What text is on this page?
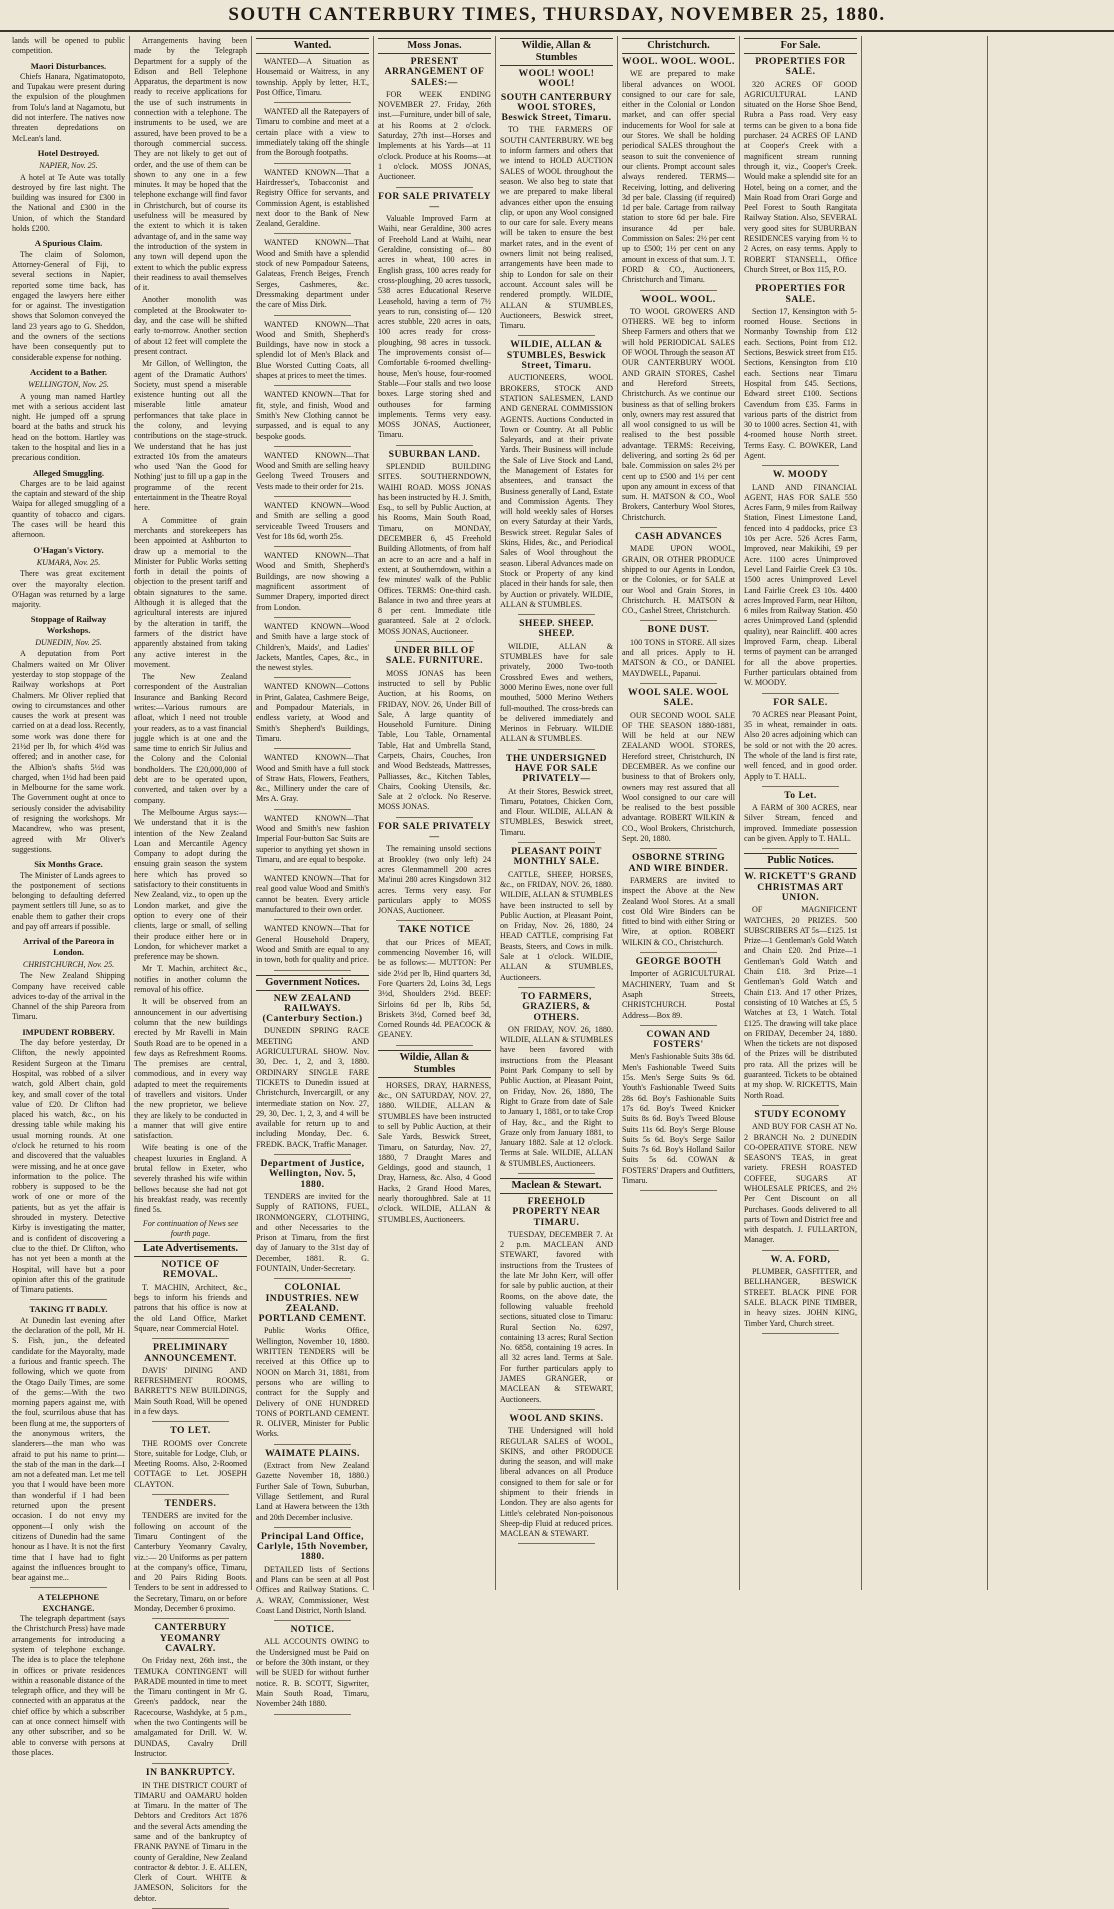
SOUTH CANTERBURY TIMES, THURSDAY, NOVEMBER 25, 1880.

lands will be opened to public competition.

Maori Disturbances.

Chiefs Hanara, Ngatimatopoto, and Tupakau were present during the expulsion of the ploughmen from Tolu's land at Nagamotu, but did not interfere. The natives now threaten depredations on McLean's land.

Hotel Destroyed.
NAPIER, Nov. 25.

A hotel at Te Aute was totally destroyed by fire last night. The building was insured for £300 in the National and £300 in the Union, of which the Standard holds £200.

A Spurious Claim.

The claim of Solomon, Attorney-General of Fiji, to several sections in Napier, reported some time back, has engaged the lawyers here either for or against. The investigation shows that Solomon conveyed the land 23 years ago to G. Sheddon, and the owners of the sections have been consequently put to considerable expense for nothing.

Accident to a Bather.
WELLINGTON, Nov. 25.

A young man named Hartley met with a serious accident last night. He jumped off a sprung board at the baths and struck his head on the bottom. Hartley was taken to the hospital and lies in a precarious condition.

Alleged Smuggling.

Charges are to be laid against the captain and steward of the ship Waipa for alleged smuggling of a quantity of tobacco and cigars. The cases will be heard this afternoon.

O'Hagan's Victory.
KUMARA, Nov. 25.

There was great excitement over the mayoralty election. O'Hagan was returned by a large majority.

Stoppage of Railway Workshops.
DUNEDIN, Nov. 25.

A deputation from Port Chalmers waited on Mr Oliver yesterday to stop stoppage of the Railway workshops at Port Chalmers. Mr Oliver replied that owing to circumstances and other causes the work at present was carried on at a dead loss. Recently, some work was done there for 21½d per lb, for which 4½d was offered; and in another case, for the Albion's shafts 5½d was charged, when 1½d had been paid in Melbourne for the same work. The Government ought at once to seriously consider the advisability of resigning the workshops. Mr Macandrew, who was present, agreed with Mr Oliver's suggestions.

Six Months Grace.

The Minister of Lands agrees to the postponement of sections belonging to defaulting deferred payment settlers till June, so as to enable them to gather their crops and pay off arrears if possible.

Arrival of the Pareora in London.
CHRISTCHURCH, Nov. 25.

The New Zealand Shipping Company have received cable advices to-day of the arrival in the Channel of the ship Pareora from Timaru.

IMPUDENT ROBBERY.

The day before yesterday, Dr Clifton, the newly appointed Resident Surgeon at the Timaru Hospital, was robbed of a silver watch, gold Albert chain, gold key, and small cover of the total value of £20. Dr Clifton had placed his watch, &c., on his dressing table while making his usual morning rounds. At one o'clock he returned to his room and discovered that the valuables were missing, and he at once gave information to the police. The robbery is supposed to be the work of one or more of the patients, but as yet the affair is shrouded in mystery. Detective Kirby is investigating the matter, and is confident of discovering a clue to the thief. Dr Clifton, who has not yet been a month at the Hospital, will have but a poor opinion after this of the gratitude of Timaru patients.

TAKING IT BADLY.

At Dunedin last evening after the declaration of the poll, Mr H. S. Fish, jun., the defeated candidate for the Mayoralty, made a furious and frantic speech. The following, which we quote from the Otago Daily Times, are some of the gems:—With the two morning papers against me, with the foul, scurrilous abuse that has been flung at me, the supporters of the anonymous writers, the slanderers—the man who was afraid to put his name to print—the stab of the man in the dark—I am not a defeated man. Let me tell you that I would have been more than wonderful if I had been returned upon the present occasion. I do not envy my opponent—I only wish the citizens of Dunedin had the same honour as I have. It is not the first time that I have had to fight against the influences brought to bear against me...

A TELEPHONE EXCHANGE.

The telegraph department (says the Christchurch Press) have made arrangements for introducing a system of telephone exchange. The idea is to place the telephone in offices or private residences within a reasonable distance of the telegraph office, and they will be connected with an apparatus at the chief office by which a subscriber can at once connect himself with any other subscriber, and so be able to converse with persons at those places.

Arrangements having been made by the Telegraph Department for a supply of the Edison and Bell Telephone Apparatus, the department is now ready to receive applications for the use of such instruments in connection with a telephone. The instruments to be used, we are assured, have been proved to be a thorough commercial success. They are not likely to get out of order, and the use of them can be shown to any one in a few minutes. It may be hoped that the telephone exchange will find favor in Christchurch, but of course its usefulness will be measured by the extent to which it is taken advantage of, and in the same way the introduction of the system in any town will depend upon the extent to which the public express their readiness to avail themselves of it.

Another monolith was completed at the Brookwater to-day, and the case will be shifted early to-morrow. Another section of about 12 feet will complete the present contract.

Mr Gillon, of Wellington, the agent of the Dramatic Authors' Society, must spend a miserable existence hunting out all the miserable little amateur performances that take place in the colony, and levying contributions on the stage-struck. We understand that he has just extracted 10s from the amateurs who used 'Nan the Good for Nothing' just to fill up a gap in the programme of the recent entertainment in the Theatre Royal here.

A Committee of grain merchants and storekeepers has been appointed at Ashburton to draw up a memorial to the Minister for Public Works setting forth in detail the points of objection to the present tariff and obtain signatures to the same. Although it is alleged that the agricultural interests are injured by the alteration in tariff, the farmers of the district have apparently abstained from taking any active interest in the movement.

The New Zealand correspondent of the Australian Insurance and Banking Record writes:—Various rumours are afloat, which I need not trouble your readers, as to a vast financial juggle which is at one and the same time to enrich Sir Julius and the Colony and the Colonial bondholders. The £20,000,000 of debt are to be operated upon, converted, and taken over by a company.

The Melbourne Argus says:—We understand that it is the intention of the New Zealand Loan and Mercantile Agency Company to adopt during the ensuing grain season the system here which has proved so satisfactory to their constituents in New Zealand, viz., to open up the London market, and give the option to every one of their clients, large or small, of selling their produce either here or in London, for whichever market a preference may be shown.

Mr T. Machin, architect &c., notifies in another column the removal of his office.

It will be observed from an announcement in our advertising column that the new buildings erected by Mr Ravelli in Main South Road are to be opened in a few days as Refreshment Rooms. The premises are central, commodious, and in every way adapted to meet the requirements of travellers and visitors. Under the new proprietor, we believe they are likely to be conducted in a manner that will give entire satisfaction.

Wife beating is one of the cheapest luxuries in England. A brutal fellow in Exeter, who severely thrashed his wife within bellows because she had not got his breakfast ready, was recently fined 5s.

For continuation of News see fourth page.
Late Advertisements.
NOTICE OF REMOVAL.

T. MACHIN, Architect, &c., begs to inform his friends and patrons that his office is now at the old Land Office, Market Square, near Commercial Hotel.

PRELIMINARY ANNOUNCEMENT.

DAVIS' DINING AND REFRESHMENT ROOMS, BARRETT'S NEW BUILDINGS, Main South Road, Will be opened in a few days.

TO LET.

THE ROOMS over Concrete Store, suitable for Lodge, Club, or Meeting Rooms. Also, 2-Roomed COTTAGE to Let. JOSEPH CLAYTON.

TENDERS.

TENDERS are invited for the following on account of the Timaru Contingent of the Canterbury Yeomanry Cavalry, viz.:— 20 Uniforms as per pattern at the company's office, Timaru, and 20 Pairs Riding Boots. Tenders to be sent in addressed to the Secretary, Timaru, on or before Monday, December 6 proximo.

CANTERBURY YEOMANRY CAVALRY.

On Friday next, 26th inst., the TEMUKA CONTINGENT will PARADE mounted in time to meet the Timaru contingent in Mr G. Green's paddock, near the Racecourse, Washdyke, at 5 p.m., when the two Contingents will be amalgamated for Drill. W. W. DUNDAS, Cavalry Drill Instructor.

IN BANKRUPTCY.

IN THE DISTRICT COURT of TIMARU and OAMARU holden at Timaru. In the matter of The Debtors and Creditors Act 1876 and the several Acts amending the same and of the bankruptcy of FRANK PAYNE of Timaru in the county of Geraldine, New Zealand contractor & debtor. J. E. ALLEN, Clerk of Court. WHITE & JAMESON, Solicitors for the debtor.

Wanted.

WANTED—A Situation as Housemaid or Waitress, in any township. Apply by letter, H.T., Post Office, Timaru.

WANTED all the Ratepayers of Timaru to combine and meet at a certain place with a view to immediately taking off the shingle from the Borough footpaths.

WANTED KNOWN—That a Hairdresser's, Tobacconist and Registry Office for servants, and Commission Agent, is established next door to the Bank of New Zealand, Geraldine.

WANTED KNOWN—That Wood and Smith have a splendid stock of new Pompadour Sateens, Galateas, French Beiges, French Serges, Cashmeres, &c. Dressmaking department under the care of Miss Dirk.

WANTED KNOWN—That Wood and Smith, Shepherd's Buildings, have now in stock a splendid lot of Men's Black and Blue Worsted Cutting Coats, all shapes at prices to meet the times.

WANTED KNOWN—That for fit, style, and finish, Wood and Smith's New Clothing cannot be surpassed, and is equal to any bespoke goods.

WANTED KNOWN—That Wood and Smith are selling heavy Geelong Tweed Trousers and Vests made to their order for 21s.

WANTED KNOWN—Wood and Smith are selling a good serviceable Tweed Trousers and Vest for 18s 6d, worth 25s.

WANTED KNOWN—That Wood and Smith, Shepherd's Buildings, are now showing a magnificent assortment of Summer Drapery, imported direct from London.

WANTED KNOWN—Wood and Smith have a large stock of Children's, Maids', and Ladies' Jackets, Mantles, Capes, &c., in the newest styles.

WANTED KNOWN—Cottons in Print, Galatea, Cashmere Beige, and Pompadour Materials, in endless variety, at Wood and Smith's Shepherd's Buildings, Timaru.

WANTED KNOWN—That Wood and Smith have a full stock of Straw Hats, Flowers, Feathers, &c., Millinery under the care of Mrs A. Gray.

WANTED KNOWN—That Wood and Smith's new fashion Imperial Four-button Sac Suits are superior to anything yet shown in Timaru, and are equal to bespoke.

WANTED KNOWN—That for real good value Wood and Smith's cannot be beaten. Every article manufactured to their own order.

WANTED KNOWN—That for General Household Drapery, Wood and Smith are equal to any in town, both for quality and price.

Government Notices.
NEW ZEALAND RAILWAYS. (Canterbury Section.)

DUNEDIN SPRING RACE MEETING AND AGRICULTURAL SHOW. Nov. 30, Dec. 1, 2, and 3, 1880. ORDINARY SINGLE FARE TICKETS to Dunedin issued at Christchurch, Invercargill, or any intermediate station on Nov. 27, 29, 30, Dec. 1, 2, 3, and 4 will be available for return up to and including Monday, Dec. 6. FREDK. BACK, Traffic Manager.

Department of Justice, Wellington, Nov. 5, 1880.

TENDERS are invited for the Supply of RATIONS, FUEL, IRONMONGERY, CLOTHING, and other Necessaries to the Prison at Timaru, from the first day of January to the 31st day of December, 1881. R. G. FOUNTAIN, Under-Secretary.

COLONIAL INDUSTRIES. NEW ZEALAND. PORTLAND CEMENT.

Public Works Office, Wellington, November 10, 1880. WRITTEN TENDERS will be received at this Office up to NOON on March 31, 1881, from persons who are willing to contract for the Supply and Delivery of ONE HUNDRED TONS of PORTLAND CEMENT. R. OLIVER, Minister for Public Works.

WAIMATE PLAINS.

(Extract from New Zealand Gazette November 18, 1880.) Further Sale of Town, Suburban, Village Settlement, and Rural Land at Hawera between the 13th and 20th December inclusive.

Principal Land Office, Carlyle, 15th November, 1880.

DETAILED lists of Sections and Plans can be seen at all Post Offices and Railway Stations. C. A. WRAY, Commissioner, West Coast Land District, North Island.

NOTICE.

ALL ACCOUNTS OWING to the Undersigned must be Paid on or before the 30th instant, or they will be SUED for without further notice. R. B. SCOTT, Sigwriter, Main South Road, Timaru, November 24th 1880.

Moss Jonas.
PRESENT ARRANGEMENT OF SALES:—

FOR WEEK ENDING NOVEMBER 27. Friday, 26th inst.—Furniture, under bill of sale, at his Rooms at 2 o'clock. Saturday, 27th inst—Horses and Implements at his Yards—at 11 o'clock. Produce at his Rooms—at 1 o'clock. MOSS JONAS, Auctioneer.

FOR SALE PRIVATELY—

Valuable Improved Farm at Waihi, near Geraldine, 300 acres of Freehold Land at Waihi, near Geraldine, consisting of— 80 acres in wheat, 100 acres in English grass, 100 acres ready for cross-ploughing, 20 acres tussock, 538 acres Educational Reserve Leasehold, having a term of 7½ years to run, consisting of— 120 acres stubble, 220 acres in oats, 100 acres ready for cross-ploughing, 98 acres in tussock. The improvements consist of—Comfortable 6-roomed dwelling-house, Men's house, four-roomed Stable—Four stalls and two loose boxes. Large storing shed and outhouses for farming implements. Terms very easy. MOSS JONAS, Auctioneer, Timaru.

SUBURBAN LAND.

SPLENDID BUILDING SITES. SOUTHERNDOWN, WAIHI ROAD. MOSS JONAS has been instructed by H. J. Smith, Esq., to sell by Public Auction, at his Rooms, Main South Road, Timaru, on MONDAY, DECEMBER 6, 45 Freehold Building Allotments, of from half an acre to an acre and a half in extent, at Southerndown, within a few minutes' walk of the Public Offices. TERMS: One-third cash. Balance in two and three years at 8 per cent. Immediate title guaranteed. Sale at 2 o'clock. MOSS JONAS, Auctioneer.

UNDER BILL OF SALE. FURNITURE.

MOSS JONAS has been instructed to sell by Public Auction, at his Rooms, on FRIDAY, NOV. 26, Under Bill of Sale, A large quantity of Household Furniture. Dining Table, Lou Table, Ornamental Table, Hat and Umbrella Stand, Carpets, Chairs, Couches, Iron and Wood Bedsteads, Mattresses, Palliasses, &c., Kitchen Tables, Chairs, Cooking Utensils, &c. Sale at 2 o'clock. No Reserve. MOSS JONAS.

FOR SALE PRIVATELY—

The remaining unsold sections at Brookley (two only left) 24 acres Glenmammell 200 acres Ma'inui 280 acres Kingsdown 312 acres. Terms very easy. For particulars apply to MOSS JONAS, Auctioneer.

TAKE NOTICE

that our Prices of MEAT, commencing November 16, will be as follows:— MUTTON: Per side 2½d per lb, Hind quarters 3d, Fore Quarters 2d, Loins 3d, Legs 3½d, Shoulders 2½d. BEEF: Sirloins 6d per lb, Ribs 5d, Briskets 3½d, Corned beef 3d, Corned Rounds 4d. PEACOCK & GEANEY.

Wildie, Allan & Stumbles

HORSES, DRAY, HARNESS, &c., ON SATURDAY, NOV. 27, 1880. WILDIE, ALLAN & STUMBLES have been instructed to sell by Public Auction, at their Sale Yards, Beswick Street, Timaru, on Saturday, Nov. 27, 1880, 7 Draught Mares and Geldings, good and staunch, 1 Dray, Harness, &c. Also, 4 Good Hacks, 2 Grand Hood Mares, nearly thoroughbred. Sale at 11 o'clock. WILDIE, ALLAN & STUMBLES, Auctioneers.

Wildie, Allan & Stumbles
WOOL! WOOL! WOOL!
SOUTH CANTERBURY WOOL STORES, Beswick Street, Timaru.

TO THE FARMERS OF SOUTH CANTERBURY. WE beg to inform farmers and others that we intend to HOLD AUCTION SALES of WOOL throughout the season. We also beg to state that we are prepared to make liberal advances either upon the ensuing clip, or upon any Wool consigned to our care for sale. Every means will be taken to ensure the best market rates, and in the event of owners limit not being realised, arrangements have been made to ship to London for sale on their account. Account sales will be rendered promptly. WILDIE, ALLAN & STUMBLES, Auctioneers, Beswick street, Timaru.

WILDIE, ALLAN & STUMBLES, Beswick Street, Timaru.

AUCTIONEERS, WOOL BROKERS, STOCK AND STATION SALESMEN, LAND AND GENERAL COMMISSION AGENTS. Auctions Conducted in Town or Country. At all Public Saleyards, and at their private Yards. Their Business will include the Sale of Live Stock and Land, the Management of Estates for absentees, and transact the Business generally of Land, Estate and Commission Agents. They will hold weekly sales of Horses on every Saturday at their Yards, Beswick street. Regular Sales of Skins, Hides, &c., and Periodical Sales of Wool throughout the season. Liberal Advances made on Stock or Property of any kind placed in their hands for sale, then by Auction or privately. WILDIE, ALLAN & STUMBLES.

SHEEP. SHEEP. SHEEP.

WILDIE, ALLAN & STUMBLES have for sale privately, 2000 Two-tooth Crossbred Ewes and wethers, 3000 Merino Ewes, none over full mouthed, 5000 Merino Wethers full-mouthed. The cross-breds can be delivered immediately and Merinos in February. WILDIE ALLAN & STUMBLES.

THE UNDERSIGNED HAVE FOR SALE PRIVATELY—

At their Stores, Beswick street, Timaru, Potatoes, Chicken Corn, and Flour. WILDIE, ALLAN & STUMBLES, Beswick street, Timaru.

PLEASANT POINT MONTHLY SALE.

CATTLE, SHEEP, HORSES, &c., on FRIDAY, NOV. 26, 1880. WILDIE, ALLAN & STUMBLES have been instructed to sell by Public Auction, at Pleasant Point, on Friday, Nov. 26, 1880, 24 HEAD CATTLE, comprising Fat Beasts, Steers, and Cows in milk. Sale at 1 o'clock. WILDIE, ALLAN & STUMBLES, Auctioneers.

TO FARMERS, GRAZIERS, & OTHERS.

ON FRIDAY, NOV. 26, 1880. WILDIE, ALLAN & STUMBLES have been favored with instructions from the Pleasant Point Park Company to sell by Public Auction, at Pleasant Point, on Friday, Nov. 26, 1880, The Right to Graze from date of Sale to January 1, 1881, or to take Crop of Hay, &c., and the Right to Graze only from January 1881, to January 1882. Sale at 12 o'clock. Terms at Sale. WILDIE, ALLAN & STUMBLES, Auctioneers.

Maclean & Stewart.
FREEHOLD PROPERTY NEAR TIMARU.

TUESDAY, DECEMBER 7. At 2 p.m. MACLEAN AND STEWART, favored with instructions from the Trustees of the late Mr John Kerr, will offer for sale by public auction, at their Rooms, on the above date, the following valuable freehold sections, situated close to Timaru: Rural Section No. 6297, containing 13 acres; Rural Section No. 6858, containing 19 acres. In all 32 acres land. Terms at Sale. For further particulars apply to JAMES GRANGER, or MACLEAN & STEWART, Auctioneers.

WOOL AND SKINS.

THE Undersigned will hold REGULAR SALES of WOOL, SKINS, and other PRODUCE during the season, and will make liberal advances on all Produce consigned to them for sale or for shipment to their friends in London. They are also agents for Little's celebrated Non-poisonous Sheep-dip Fluid at reduced prices. MACLEAN & STEWART.

Christchurch.
WOOL. WOOL. WOOL.

WE are prepared to make liberal advances on WOOL consigned to our care for sale, either in the Colonial or London market, and can offer special inducements for Wool for sale at our Stores. We shall be holding periodical SALES throughout the season to suit the convenience of our clients. Prompt account sales always rendered. TERMS— Receiving, lotting, and delivering 3d per bale. Classing (if required) 1d per bale. Cartage from railway station to store 6d per bale. Fire insurance 4d per bale. Commission on Sales: 2½ per cent up to £500; 1½ per cent on any amount in excess of that sum. J. T. FORD & CO., Auctioneers, Christchurch and Timaru.

WOOL. WOOL.

TO WOOL GROWERS AND OTHERS. WE beg to inform Sheep Farmers and others that we will hold PERIODICAL SALES OF WOOL Through the season AT OUR CANTERBURY WOOL AND GRAIN STORES, Cashel and Hereford Streets, Christchurch. As we continue our business as that of selling brokers only, owners may rest assured that all wool consigned to us will be realised to the best possible advantage. TERMS: Receiving, delivering, and sorting 2s 6d per bale. Commission on sales 2½ per cent up to £500 and 1½ per cent upon any amount in excess of that sum. H. MATSON & CO., Wool Brokers, Canterbury Wool Stores, Christchurch.

CASH ADVANCES

MADE UPON WOOL, GRAIN, OR OTHER PRODUCE shipped to our Agents in London, or the Colonies, or for SALE at our Wool and Grain Stores, in Christchurch. H. MATSON & CO., Cashel Street, Christchurch.

BONE DUST.

100 TONS in STORE. All sizes and all prices. Apply to H. MATSON & CO., or DANIEL MAYDWELL, Papanui.

WOOL SALE. WOOL SALE.

OUR SECOND WOOL SALE OF THE SEASON 1880-1881, Will be held at our NEW ZEALAND WOOL STORES, Hereford street, Christchurch, IN DECEMBER. As we confine our business to that of Brokers only, owners may rest assured that all Wool consigned to our care will be realised to the best possible advantage. ROBERT WILKIN & CO., Wool Brokers, Christchurch, Sept. 20, 1880.

OSBORNE STRING AND WIRE BINDER.

FARMERS are invited to inspect the Above at the New Zealand Wool Stores. At a small cost Old Wire Binders can be fitted to bind with either String or Wire, at option. ROBERT WILKIN & CO., Christchurch.

GEORGE BOOTH

Importer of AGRICULTURAL MACHINERY, Tuam and St Asaph Streets, CHRISTCHURCH. Postal Address—Box 89.

COWAN AND FOSTERS'

Men's Fashionable Suits 38s 6d. Men's Fashionable Tweed Suits 15s. Men's Serge Suits 9s 6d. Youth's Fashionable Tweed Suits 28s 6d. Boy's Fashionable Suits 17s 6d. Boy's Tweed Knicker Suits 8s 6d. Boy's Tweed Blouse Suits 11s 6d. Boy's Serge Blouse Suits 5s 6d. Boy's Serge Sailor Suits 7s 6d. Boy's Holland Sailor Suits 5s 6d. COWAN & FOSTERS' Drapers and Outfitters, Timaru.

For Sale.
PROPERTIES FOR SALE.

320 ACRES OF GOOD AGRICULTURAL LAND situated on the Horse Shoe Bend, Rubra a Pass road. Very easy terms can be given to a bona fide purchaser. 24 ACRES OF LAND at Cooper's Creek with a magnificent stream running through it, viz., Cooper's Creek. Would make a splendid site for an Hotel, being on a corner, and the Main Road from Orari Gorge and Peel Forest to South Rangitata Railway Station. Also, SEVERAL very good sites for SUBURBAN RESIDENCES varying from ½ to 2 Acres, on easy terms. Apply to ROBERT STANSELL, Office Church Street, or Box 115, P.O.

PROPERTIES FOR SALE.

Section 17, Kensington with 5-roomed House. Sections in Normanby Township from £12 each. Sections, Point from £12. Sections, Beswick street from £15. Sections, Kensington from £10 each. Sections near Timaru Hospital from £45. Sections, Edward street £100. Sections Cavendum from £35. Farms in various parts of the district from 30 to 1000 acres. Section 41, with 4-roomed house North street. Terms Easy. C. BOWKER, Land Agent.

W. MOODY

LAND AND FINANCIAL AGENT, HAS FOR SALE 550 Acres Farm, 9 miles from Railway Station, Finest Limestone Land, fenced into 4 paddocks, price £3 10s per Acre. 526 Acres Farm, Improved, near Makikihi, £9 per Acre. 1100 acres Unimproved Level Land Fairlie Creek £3 10s. 1500 acres Unimproved Level Land Fairlie Creek £3 10s. 4400 acres Improved Farm, near Hilton, 6 miles from Railway Station. 450 acres Unimproved Land (splendid quality), near Raincliff. 400 acres Improved Farm, cheap. Liberal terms of payment can be arranged for all the above properties. Further particulars obtained from W. MOODY.

FOR SALE.

70 ACRES near Pleasant Point, 35 in wheat, remainder in oats. Also 20 acres adjoining which can be sold or not with the 20 acres. The whole of the land is first rate, well fenced, and in good order. Apply to T. HALL.

To Let.

A FARM of 300 ACRES, near Silver Stream, fenced and improved. Immediate possession can be given. Apply to T. HALL.

Public Notices.
W. RICKETT'S GRAND CHRISTMAS ART UNION.

OF MAGNIFICENT WATCHES, 20 PRIZES. 500 SUBSCRIBERS AT 5s—£125. 1st Prize—1 Gentleman's Gold Watch and Chain £20. 2nd Prize—1 Gentleman's Gold Watch and Chain £18. 3rd Prize—1 Gentleman's Gold Watch and Chain £13. And 17 other Prizes, consisting of 10 Watches at £5, 5 Watches at £3, 1 Watch. Total £125. The drawing will take place on FRIDAY, December 24, 1880. When the tickets are not disposed of the Prizes will be distributed pro rata. All the prizes will be guaranteed. Tickets to be obtained at my shop. W. RICKETTS, Main North Road.

STUDY ECONOMY

AND BUY FOR CASH AT No. 2 BRANCH No. 2 DUNEDIN CO-OPERATIVE STORE. NEW SEASON'S TEAS, in great variety. FRESH ROASTED COFFEE, SUGARS AT WHOLESALE PRICES, and 2½ Per Cent Discount on all Purchases. Goods delivered to all parts of Town and District free and with despatch. J. FULLARTON, Manager.

W. A. FORD,

PLUMBER, GASFITTER, and BELLHANGER, BESWICK STREET. BLACK PINE FOR SALE. BLACK PINE TIMBER, in heavy sizes. JOHN KING, Timber Yard, Church street.
